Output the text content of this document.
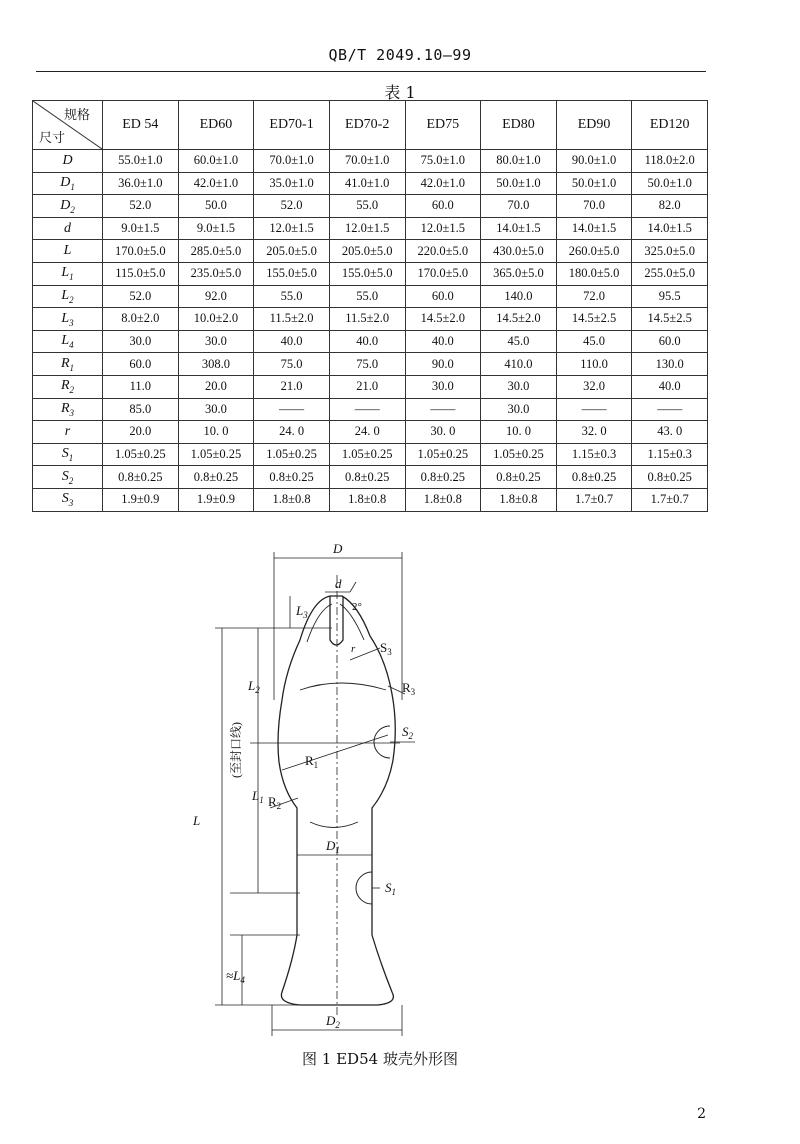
QB/T 2049.10—99
表 1
规格
尺寸	ED 54	ED60	ED70-1	ED70-2	ED75	ED80	ED90	ED120
D	55.0±1.0	60.0±1.0	70.0±1.0	70.0±1.0	75.0±1.0	80.0±1.0	90.0±1.0	118.0±2.0
$D_1$	36.0±1.0	42.0±1.0	35.0±1.0	41.0±1.0	42.0±1.0	50.0±1.0	50.0±1.0	50.0±1.0
$D_2$	52.0	50.0	52.0	55.0	60.0	70.0	70.0	82.0
d	9.0±1.5	9.0±1.5	12.0±1.5	12.0±1.5	12.0±1.5	14.0±1.5	14.0±1.5	14.0±1.5
L	170.0±5.0	285.0±5.0	205.0±5.0	205.0±5.0	220.0±5.0	430.0±5.0	260.0±5.0	325.0±5.0
$L_1$	115.0±5.0	235.0±5.0	155.0±5.0	155.0±5.0	170.0±5.0	365.0±5.0	180.0±5.0	255.0±5.0
$L_2$	52.0	92.0	55.0	55.0	60.0	140.0	72.0	95.5
$L_3$	8.0±2.0	10.0±2.0	11.5±2.0	11.5±2.0	14.5±2.0	14.5±2.0	14.5±2.5	14.5±2.5
$L_4$	30.0	30.0	40.0	40.0	40.0	45.0	45.0	60.0
$R_1$	60.0	308.0	75.0	75.0	90.0	410.0	110.0	130.0
$R_2$	11.0	20.0	21.0	21.0	30.0	30.0	32.0	40.0
$R_3$	85.0	30.0	——	——	——	30.0	——	——
r	20.0	10. 0	24. 0	24. 0	30. 0	10. 0	32. 0	43. 0
$S_1$	1.05±0.25	1.05±0.25	1.05±0.25	1.05±0.25	1.05±0.25	1.05±0.25	1.15±0.3	1.15±0.3
$S_2$	0.8±0.25	0.8±0.25	0.8±0.25	0.8±0.25	0.8±0.25	0.8±0.25	0.8±0.25	0.8±0.25
$S_3$	1.9±0.9	1.9±0.9	1.8±0.8	1.8±0.8	1.8±0.8	1.8±0.8	1.7±0.7	1.7±0.7
D
d
2°
$L_3$
r $S_3$
$R_3$
$L_2$
$S_2$
$R_1$
$L_1$
(至封口线)
L
$R_2$
$D_1$
$S_1$
$\approx L_4$
$D_2$
图 1 ED54 玻壳外形图
2
